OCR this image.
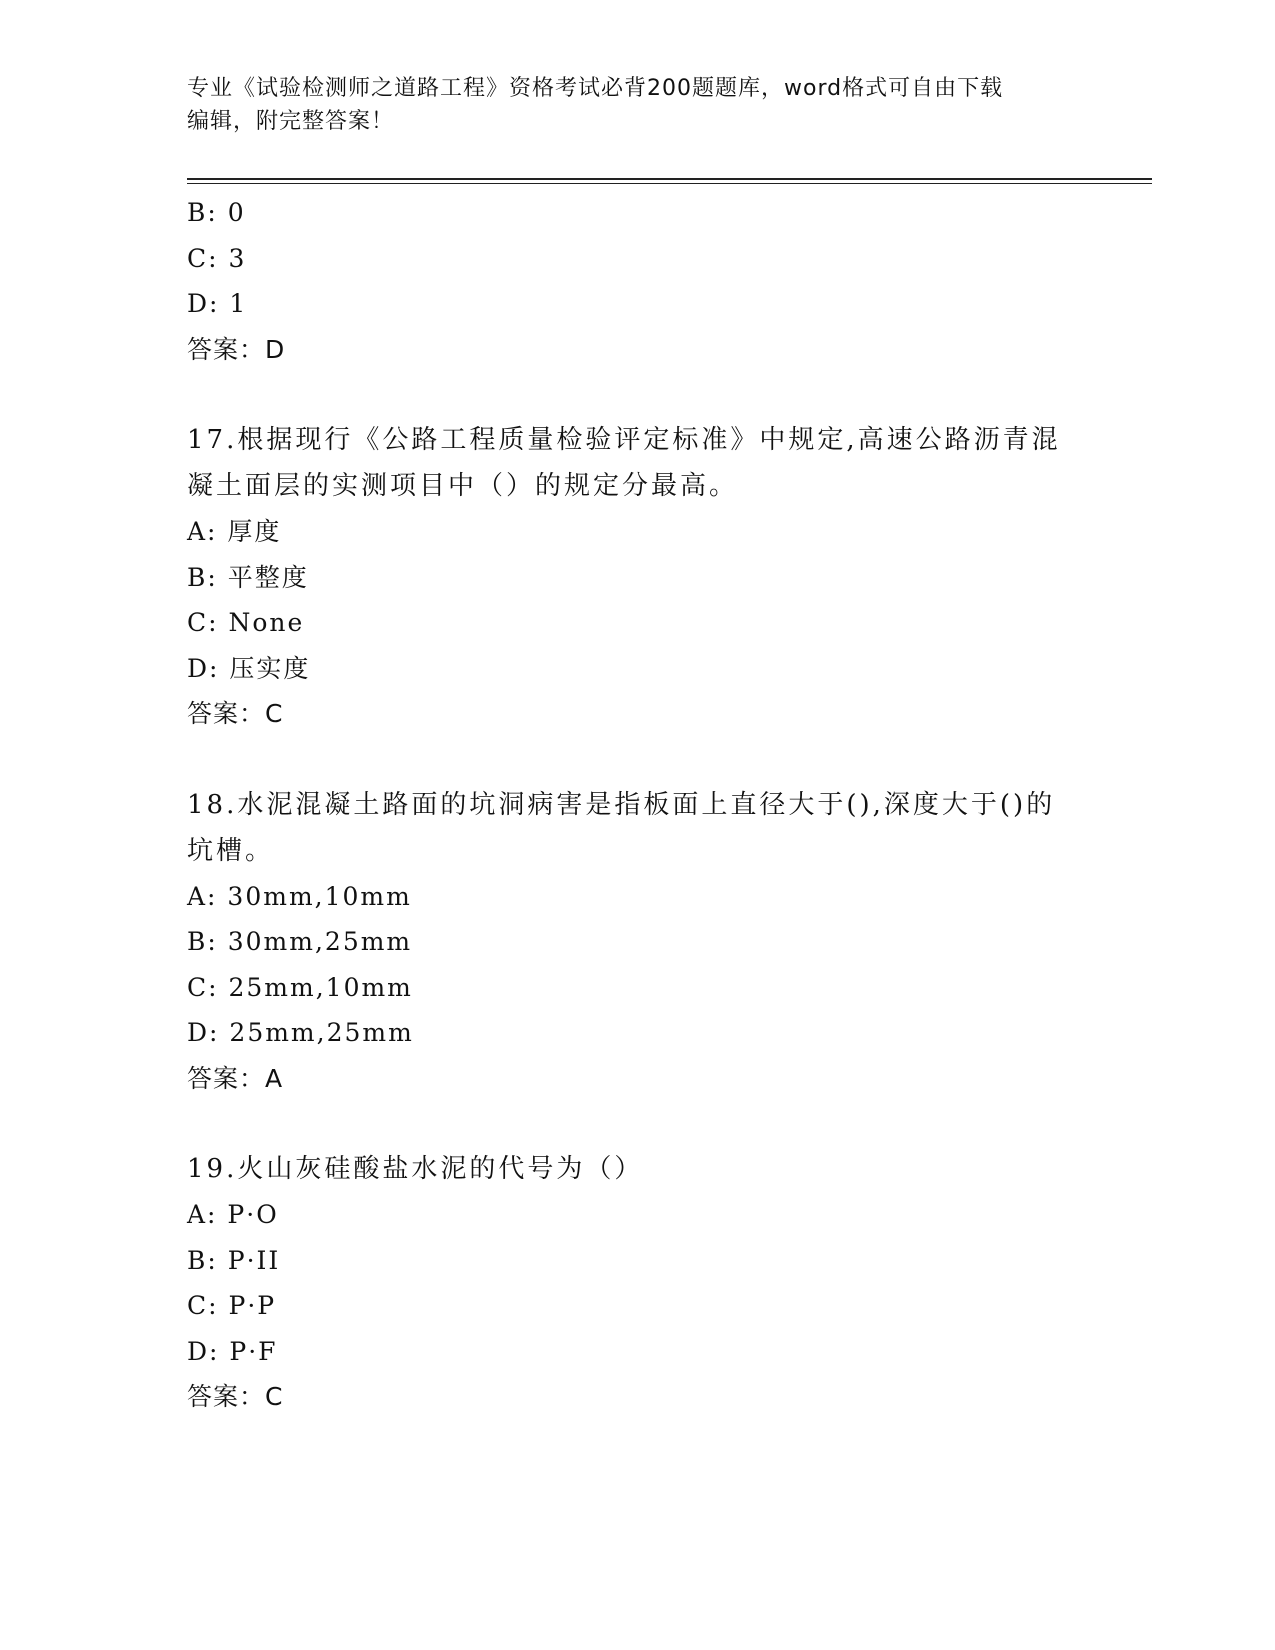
专业《试验检测师之道路工程》资格考试必背200题题库，word格式可自由下载
编辑，附完整答案！
B: 0
C: 3
D: 1
答案：D
17.根据现行《公路工程质量检验评定标准》中规定,高速公路沥青混
凝土面层的实测项目中（）的规定分最高。
A: 厚度
B: 平整度
C: None
D: 压实度
答案：C
18.水泥混凝土路面的坑洞病害是指板面上直径大于(),深度大于()的
坑槽。
A: 30mm,10mm
B: 30mm,25mm
C: 25mm,10mm
D: 25mm,25mm
答案：A
19.火山灰硅酸盐水泥的代号为（）
A: P·O
B: P·II
C: P·P
D: P·F
答案：C
